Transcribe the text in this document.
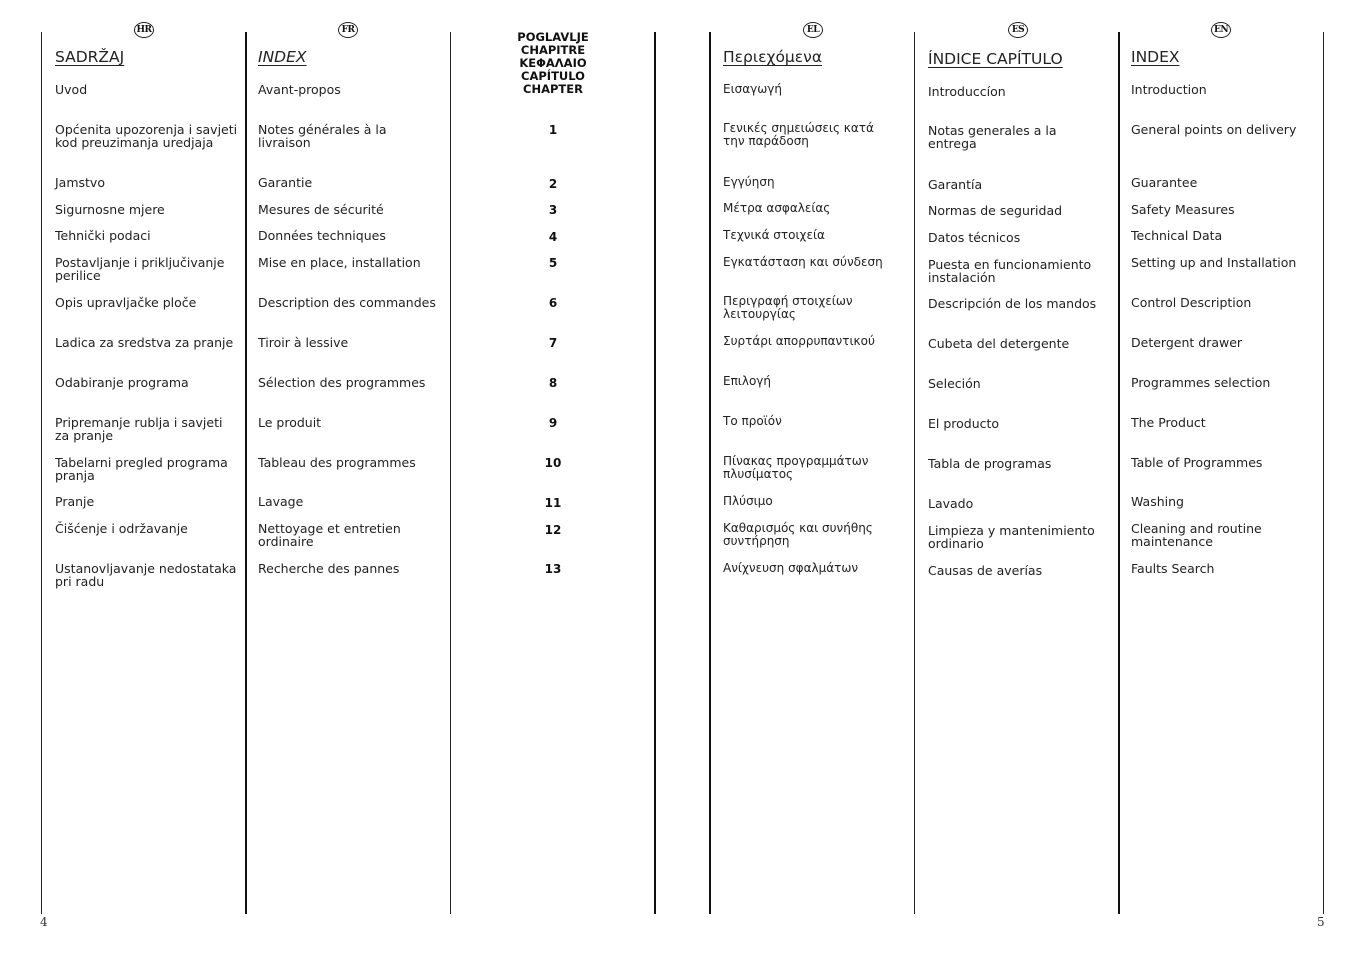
HR
SADRŽAJ
Uvod
Općenita upozorenja i savjeti kod preuzimanja uredjaja
Jamstvo
Sigurnosne mjere
Tehnički podaci
Postavljanje i priključivanje perilice
Opis upravljačke ploče
Ladica za sredstva za pranje
Odabiranje programa
Pripremanje rublja i savjeti za pranje
Tabelarni pregled programa pranja
Pranje
Čišćenje i održavanje
Ustanovljavanje nedostataka pri radu
FR
INDEX
Avant-propos
Notes générales à la livraison
Garantie
Mesures de sécurité
Données techniques
Mise en place, installation
Description des commandes
Tiroir à lessive
Sélection des programmes
Le produit
Tableau des programmes
Lavage
Nettoyage et entretien ordinaire
Recherche des pannes
POGLAVLJE
CHAPITRE
ΚΕΦΑΛΑΙΟ
CAPÍTULO
CHAPTER
1
2
3
4
5
6
7
8
9
10
11
12
13
EL
Περιεχόμενα
Εισαγωγή
Γενικές σημειώσεις κατά την παράδοση
Εγγύηση
Μέτρα ασφαλείας
Τεχνικά στοιχεία
Εγκατάσταση και σύνδεση
Περιγραφή στοιχείων λειτουργίας
Συρτάρι απορρυπαντικού
Επιλογή
Το προϊόν
Πίνακας προγραμμάτων πλυσίματος
Πλύσιμο
Καθαρισμός και συνήθης συντήρηση
Ανίχνευση σφαλμάτων
ES
ÍNDICE CAPÍTULO
Introduccíon
Notas generales a la entrega
Garantía
Normas de seguridad
Datos técnicos
Puesta en funcionamiento instalación
Descripción de los mandos
Cubeta del detergente
Seleción
El producto
Tabla de programas
Lavado
Limpieza y mantenimiento ordinario
Causas de averías
EN
INDEX
Introduction
General points on delivery
Guarantee
Safety Measures
Technical Data
Setting up and Installation
Control Description
Detergent drawer
Programmes selection
The Product
Table of Programmes
Washing
Cleaning and routine maintenance
Faults Search
4	5
